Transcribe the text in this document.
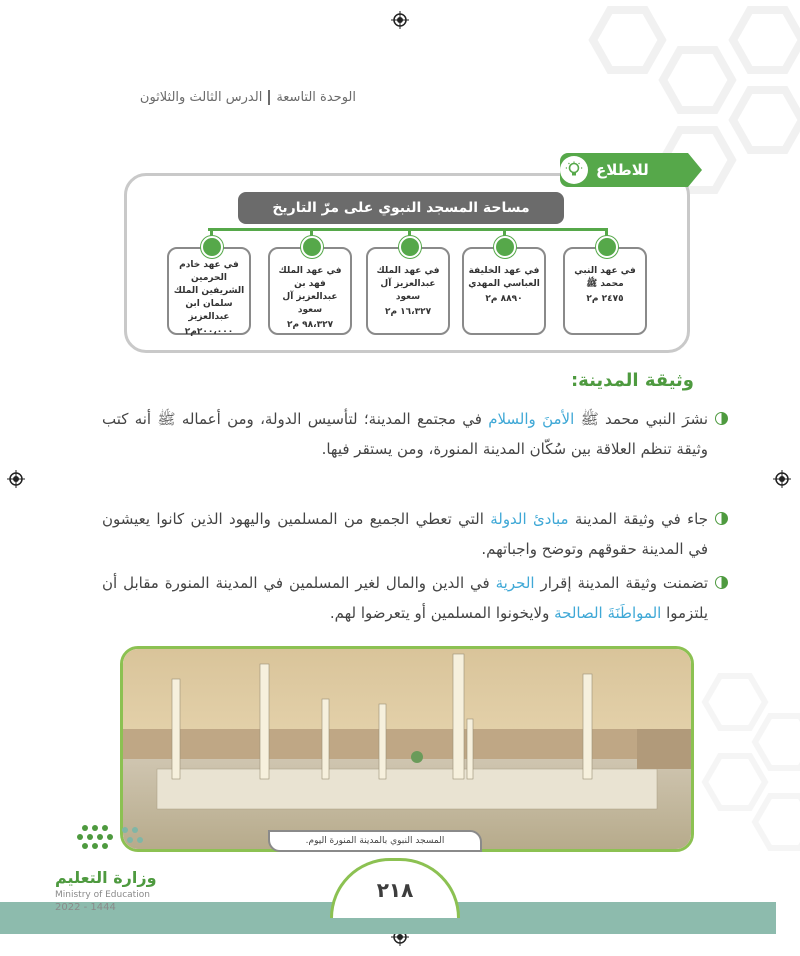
الوحدة التاسعة
الدرس الثالث والثلاثون
للاطلاع
مساحة المسجد النبوي على مرّ التاريخ
في عهد النبي محمد ﷺ
٢٤٧٥ م٢
في عهد الخليفة العباسي المهدي
٨٨٩٠ م٢
في عهد الملك عبدالعزيز آل سعود
١٦،٣٢٧ م٢
في عهد الملك فهد بن عبدالعزيز آل سعود
٩٨،٣٢٧ م٢
في عهد خادم الحرمين الشريفين الملك سلمان ابن عبدالعزيز
٢٠٠،٠٠٠م٢
وثيقة المدينة:
نشرَ النبي محمد ﷺ الأمنَ والسلام في مجتمع المدينة؛ لتأسيس الدولة، ومن أعماله ﷺ أنه كتب وثيقة تنظم العلاقة بين سُكّان المدينة المنورة، ومن يستقر فيها.
جاء في وثيقة المدينة مبادئ الدولة التي تعطي الجميع من المسلمين واليهود الذين كانوا يعيشون في المدينة حقوقهم وتوضح واجباتهم.
تضمنت وثيقة المدينة إقرار الحرية في الدين والمال لغير المسلمين في المدينة المنورة مقابل أن يلتزموا المواطَنَةَ الصالحة ولايخونوا المسلمين أو يتعرضوا لهم.
المسجد النبوي بالمدينة المنورة اليوم.
٢١٨
وزارة التعليم
Ministry of Education
2022 - 1444
